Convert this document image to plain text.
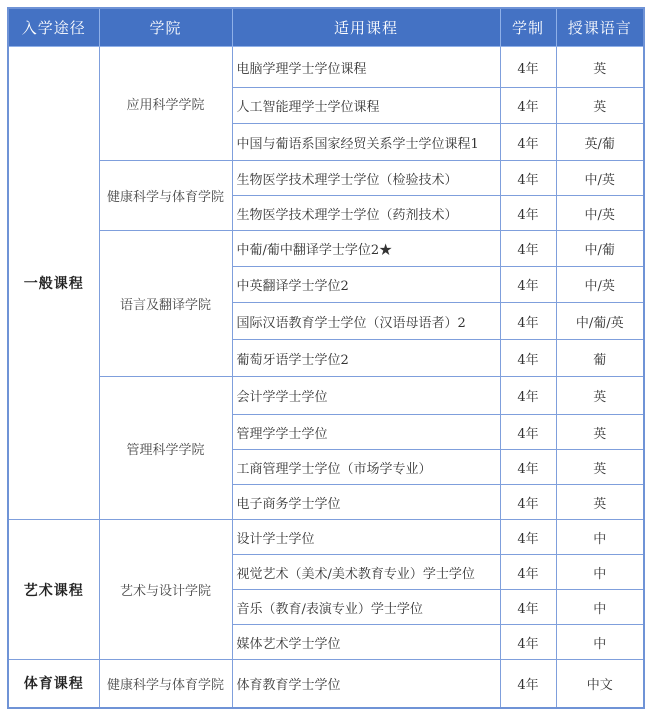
入学途径	学院	适用课程	学制	授课语言
一般课程	应用科学学院	电脑学理学士学位课程	4年	英
		人工智能理学士学位课程	4年	英
		中国与葡语系国家经贸关系学士学位课程1	4年	英/葡
	健康科学与体育学院	生物医学技术理学士学位（检验技术）	4年	中/英
		生物医学技术理学士学位（药剂技术）	4年	中/英
	语言及翻译学院	中葡/葡中翻译学士学位2★	4年	中/葡
		中英翻译学士学位2	4年	中/英
		国际汉语教育学士学位（汉语母语者）2	4年	中/葡/英
		葡萄牙语学士学位2	4年	葡
	管理科学学院	会计学学士学位	4年	英
		管理学学士学位	4年	英
		工商管理学士学位（市场学专业）	4年	英
		电子商务学士学位	4年	英
艺术课程	艺术与设计学院	设计学士学位	4年	中
		视觉艺术（美术/美术教育专业）学士学位	4年	中
		音乐（教育/表演专业）学士学位	4年	中
		媒体艺术学士学位	4年	中
体育课程	健康科学与体育学院	体育教育学士学位	4年	中文
